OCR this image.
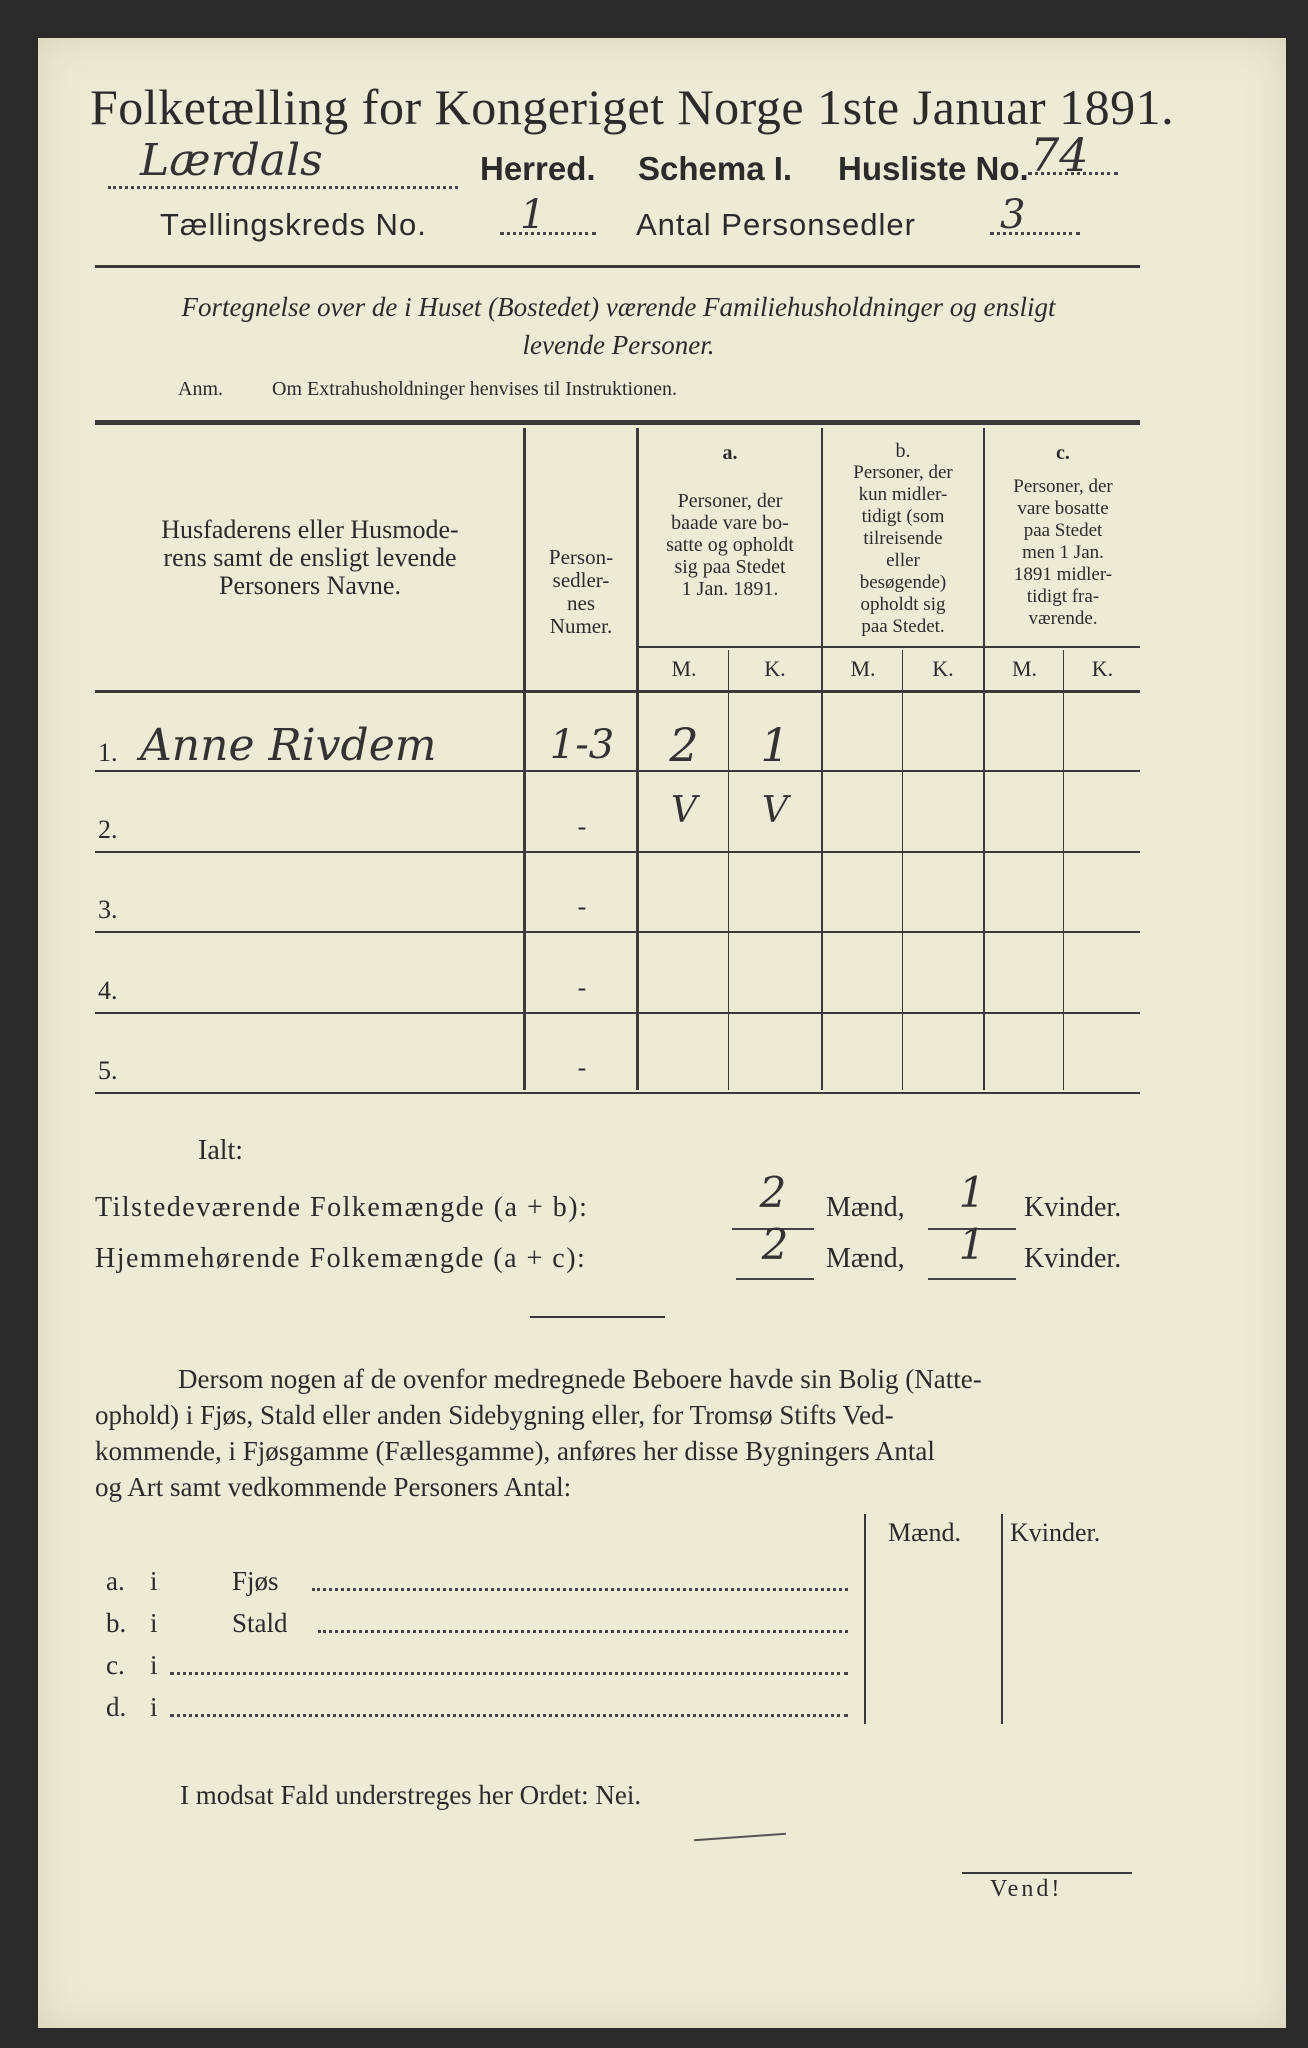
Folketælling for Kongeriget Norge 1ste Januar 1891.
Lærdals	Herred. Schema I. Husliste No. 74
Tællingskreds No. 1	Antal Personsedler 3
Fortegnelse over de i Huset (Bostedet) værende Familiehusholdninger og ensligt
levende Personer.
Anm. Om Extrahusholdninger henvises til Instruktionen.
Husfaderens eller Husmode-
rens samt de ensligt levende
Personers Navne.
Person-
sedler-
nes
Numer.
a.
Personer, der
baade vare bo-
satte og opholdt
sig paa Stedet
1 Jan. 1891.
b.
Personer, der
kun midler-
tidigt (som
tilreisende
eller
besøgende)
opholdt sig
paa Stedet.
c.
Personer, der
vare bosatte
paa Stedet
men 1 Jan.
1891 midler-
tidigt fra-
værende.
M.	K.	M.	K.	M.	K.
1. Anne Rivdem	1-3	2	1
2.	-	V	V
3.	-
4.	-
5.	-
Ialt:
Tilstedeværende Folkemængde (a + b):	2	Mænd,	1	Kvinder.
Hjemmehørende Folkemængde (a + c):	2	Mænd,	1	Kvinder.
Dersom nogen af de ovenfor medregnede Beboere havde sin Bolig (Natte-
ophold) i Fjøs, Stald eller anden Sidebygning eller, for Tromsø Stifts Ved-
kommende, i Fjøsgamme (Fællesgamme), anføres her disse Bygningers Antal
og Art samt vedkommende Personers Antal:
Mænd. Kvinder.
a. i	Fjøs
b. i	Stald
c. i
d. i
I modsat Fald understreges her Ordet: Nei.
Vend!
